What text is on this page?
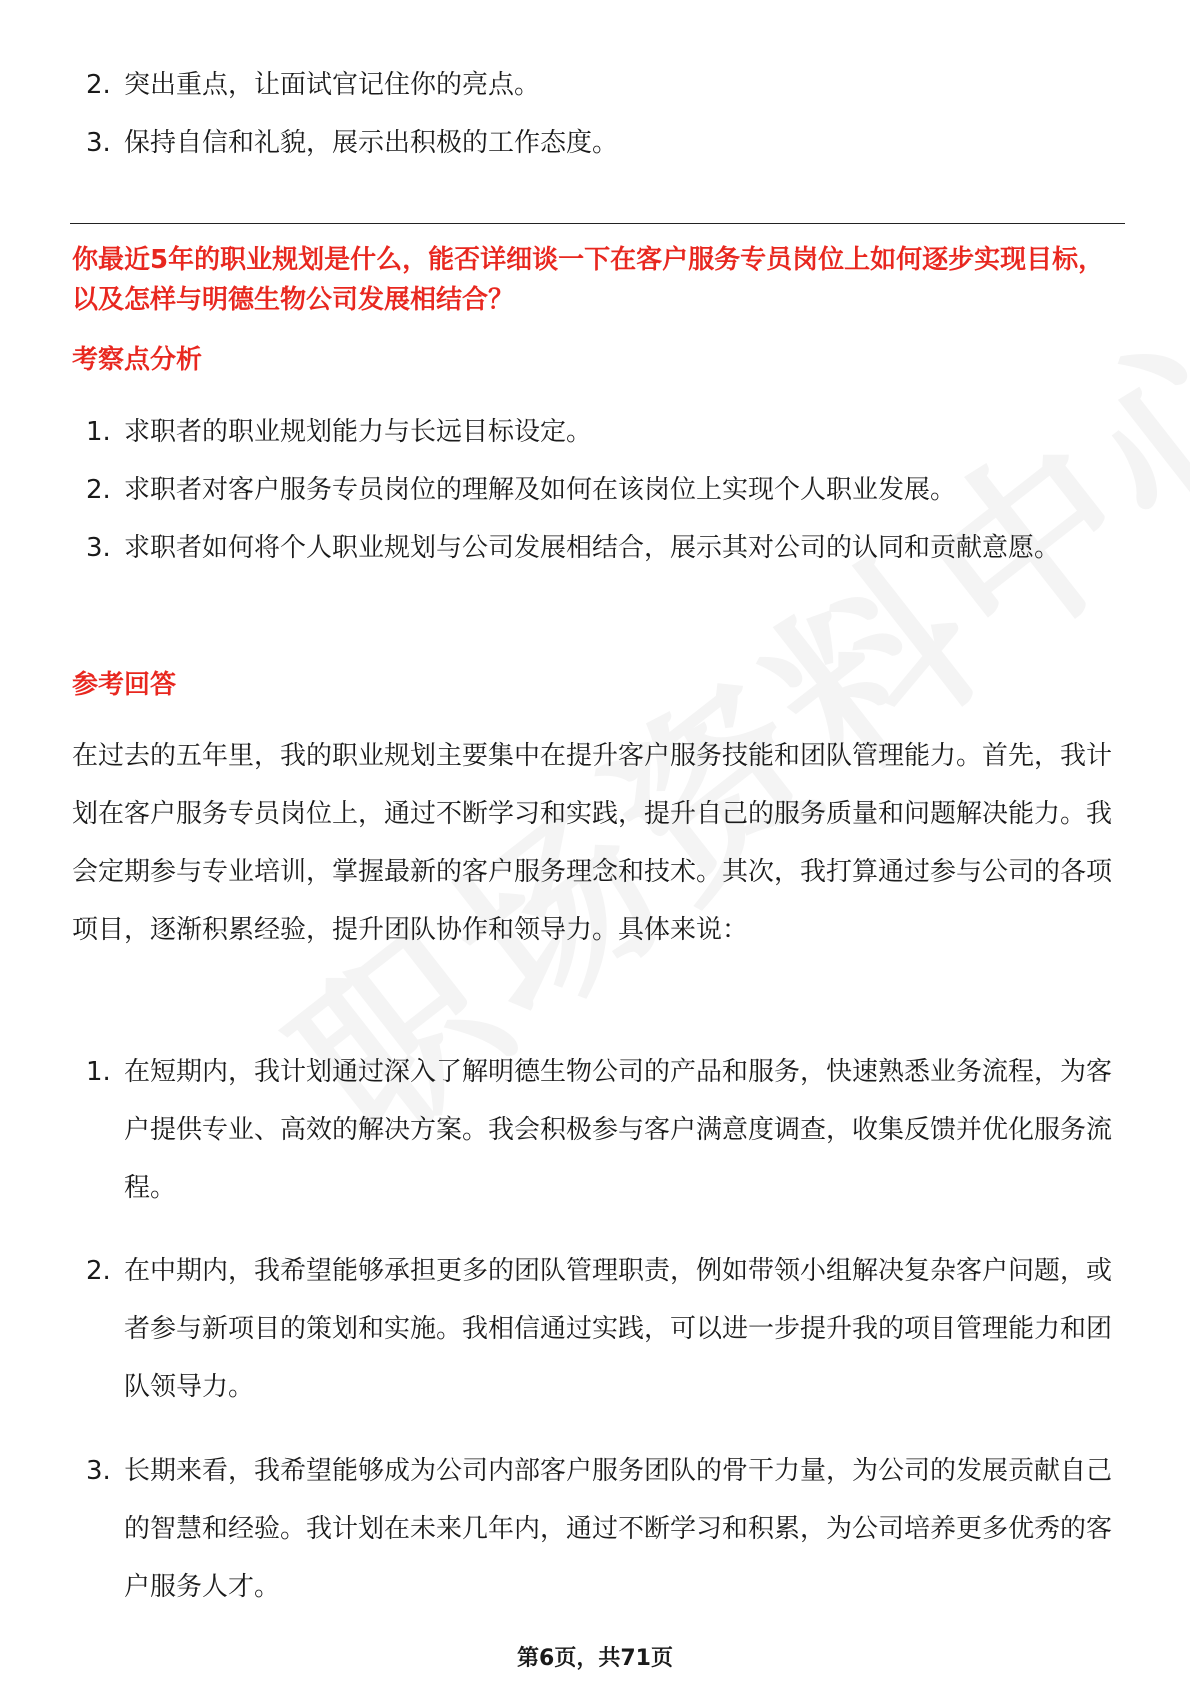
2. 突出重点，让面试官记住你的亮点。
3. 保持自信和礼貌，展示出积极的工作态度。
你最近5年的职业规划是什么，能否详细谈一下在客户服务专员岗位上如何逐步实现目标，以及怎样与明德生物公司发展相结合？
考察点分析
1. 求职者的职业规划能力与长远目标设定。
2. 求职者对客户服务专员岗位的理解及如何在该岗位上实现个人职业发展。
3. 求职者如何将个人职业规划与公司发展相结合，展示其对公司的认同和贡献意愿。
参考回答
在过去的五年里，我的职业规划主要集中在提升客户服务技能和团队管理能力。首先，我计划在客户服务专员岗位上，通过不断学习和实践，提升自己的服务质量和问题解决能力。我会定期参与专业培训，掌握最新的客户服务理念和技术。其次，我打算通过参与公司的各项项目，逐渐积累经验，提升团队协作和领导力。具体来说：
1. 在短期内，我计划通过深入了解明德生物公司的产品和服务，快速熟悉业务流程，为客户提供专业、高效的解决方案。我会积极参与客户满意度调查，收集反馈并优化服务流程。
2. 在中期内，我希望能够承担更多的团队管理职责，例如带领小组解决复杂客户问题，或者参与新项目的策划和实施。我相信通过实践，可以进一步提升我的项目管理能力和团队领导力。
3. 长期来看，我希望能够成为公司内部客户服务团队的骨干力量，为公司的发展贡献自己的智慧和经验。我计划在未来几年内，通过不断学习和积累，为公司培养更多优秀的客户服务人才。
第6页，共71页
